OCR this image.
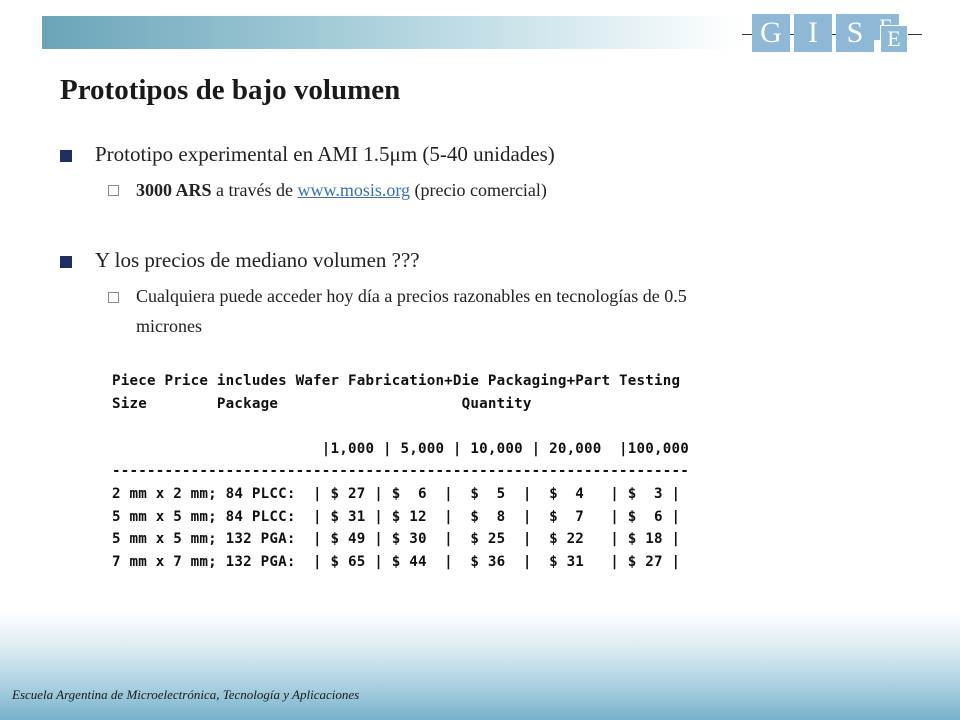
G I S	E
Prototipos de bajo volumen
Prototipo experimental en AMI 1.5μm (5-40 unidades)
3000 ARS a través de www.mosis.org (precio comercial)
Y los precios de mediano volumen ???
Cualquiera puede acceder hoy día a precios razonables en tecnologías de 0.5
micrones
Piece Price includes Wafer Fabrication+Die Packaging+Part Testing
Size        Package                     Quantity

|1,000 | 5,000 | 10,000 | 20,000  |100,000
------------------------------------------------------------------
2 mm x 2 mm; 84 PLCC:  | $ 27 | $  6  |  $  5  |  $  4   | $  3 |
5 mm x 5 mm; 84 PLCC:  | $ 31 | $ 12  |  $  8  |  $  7   | $  6 |
5 mm x 5 mm; 132 PGA:  | $ 49 | $ 30  |  $ 25  |  $ 22   | $ 18 |
7 mm x 7 mm; 132 PGA:  | $ 65 | $ 44  |  $ 36  |  $ 31   | $ 27 |
Escuela Argentina de Microelectrónica, Tecnología y Aplicaciones
